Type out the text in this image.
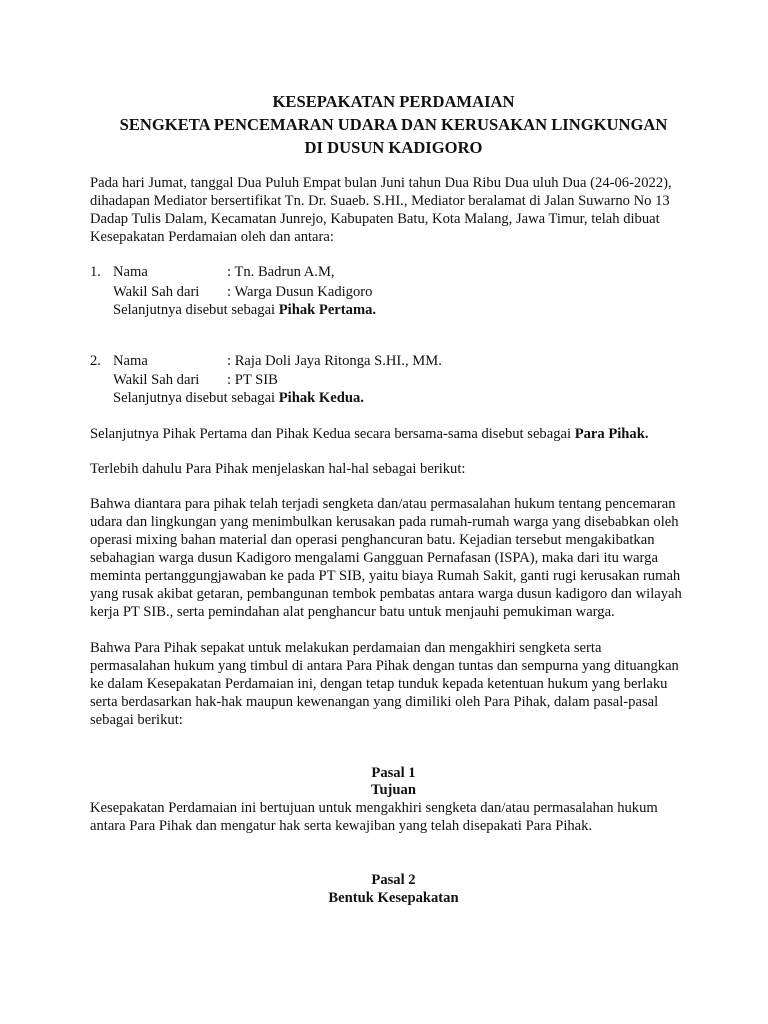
KESEPAKATAN PERDAMAIAN

SENGKETA PENCEMARAN UDARA DAN KERUSAKAN LINGKUNGAN

DI DUSUN KADIGORO

Pada hari Jumat, tanggal Dua Puluh Empat bulan Juni tahun Dua Ribu Dua uluh Dua (24-06-2022),
dihadapan Mediator bersertifikat Tn. Dr. Suaeb. S.HI., Mediator beralamat di Jalan Suwarno No 13
Dadap Tulis Dalam, Kecamatan Junrejo, Kabupaten Batu, Kota Malang, Jawa Timur, telah dibuat
Kesepakatan Perdamaian oleh dan antara:
1. Nama	: Tn. Badrun A.M,
Wakil Sah dari : Warga Dusun Kadigoro
Selanjutnya disebut sebagai Pihak Pertama.
2. Nama	: Raja Doli Jaya Ritonga S.HI., MM.
Wakil Sah dari : PT SIB
Selanjutnya disebut sebagai Pihak Kedua.

Selanjutnya Pihak Pertama dan Pihak Kedua secara bersama-sama disebut sebagai Para Pihak.

Terlebih dahulu Para Pihak menjelaskan hal-hal sebagai berikut:

Bahwa diantara para pihak telah terjadi sengketa dan/atau permasalahan hukum tentang pencemaran
udara dan lingkungan yang menimbulkan kerusakan pada rumah-rumah warga yang disebabkan oleh
operasi mixing bahan material dan operasi penghancuran batu. Kejadian tersebut mengakibatkan
sebahagian warga dusun Kadigoro mengalami Gangguan Pernafasan (ISPA), maka dari itu warga
meminta pertanggungjawaban ke pada PT SIB, yaitu biaya Rumah Sakit, ganti rugi kerusakan rumah
yang rusak akibat getaran, pembangunan tembok pembatas antara warga dusun kadigoro dan wilayah
kerja PT SIB., serta pemindahan alat penghancur batu untuk menjauhi pemukiman warga.
Bahwa Para Pihak sepakat untuk melakukan perdamaian dan mengakhiri sengketa serta
permasalahan hukum yang timbul di antara Para Pihak dengan tuntas dan sempurna yang dituangkan
ke dalam Kesepakatan Perdamaian ini, dengan tetap tunduk kepada ketentuan hukum yang berlaku
serta berdasarkan hak-hak maupun kewenangan yang dimiliki oleh Para Pihak, dalam pasal-pasal
sebagai berikut:

Pasal 1

Tujuan

Kesepakatan Perdamaian ini bertujuan untuk mengakhiri sengketa dan/atau permasalahan hukum
antara Para Pihak dan mengatur hak serta kewajiban yang telah disepakati Para Pihak.

Pasal 2

Bentuk Kesepakatan
